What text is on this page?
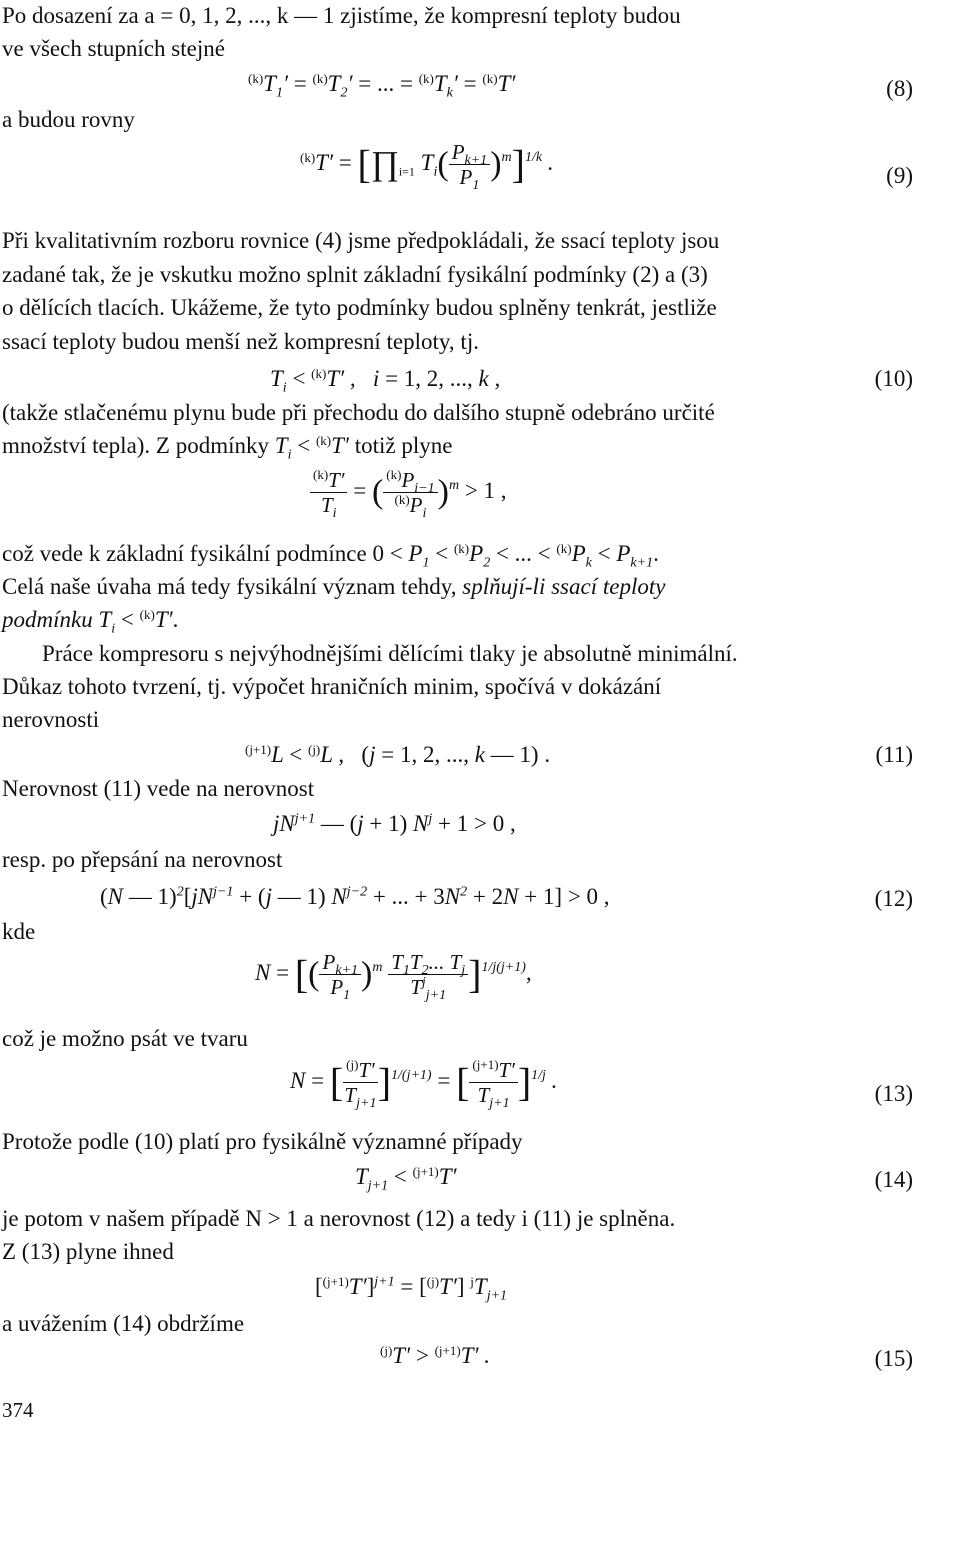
Po dosazení za a = 0, 1, 2, ..., k — 1 zjistíme, že kompresní teploty budou
ve všech stupních stejné
$^{(k)}T_1' = ^{(k)}T_2'$ = ... = $^{(k)}T_k' = ^{(k)}T'$	(8)
a budou rovny
$^{(k)}T' = [\prod_{i=1}$ $T_i( \frac{P_{k+1}}{P_1} )^m]^{1/k}$ .
(9)
Při kvalitativním rozboru rovnice (4) jsme předpokládali, že ssací teploty jsou
zadané tak, že je vskutku možno splnit základní fysikální podmínky (2) a (3)
o dělících tlacích. Ukážeme, že tyto podmínky budou splněny tenkrát, jestliže
ssací teploty budou menší než kompresní teploty, tj.
$T_i < ^{(k)}T'$ ,   i = 1, 2, ..., k ,	(10)
(takže stlačenému plynu bude při přechodu do dalšího stupně odebráno určité
množství tepla). Z podmínky $T_i < ^{(k)}T'$ totiž plyne
$\frac{^{(k)}T'}{T_i}$ = ( $\frac{^{(k)}P_{i-1}}{^{(k)}P_i} )^m > 1$ ,
což vede k základní fysikální podmínce $0 < P_1 < ^{(k)}P_2$ < ... < $^{(k)}P_k < P_{k+1}$.
Celá naše úvaha má tedy fysikální význam tehdy, splňují-li ssací teploty
podmínku $T_i < ^{(k)}T'$.
Práce kompresoru s nejvýhodnějšími dělícími tlaky je absolutně minimální.
Důkaz tohoto tvrzení, tj. výpočet hraničních minim, spočívá v dokázání
nerovnosti
$^{(j+1)}$L < $^{(j)}$L ,   (j = 1, 2, ..., k — 1) .	(11)
Nerovnost (11) vede na nerovnost
$jN^{j+1}$ — (j + 1) $N^j + 1 > 0$ ,
resp. po přepsání na nerovnost
(N — $1)^2[jN^{j-1} + (j$ — 1) $N^{j-2}$ + ... + $3N^2 + 2N + 1] > 0$ ,	(12)
kde
N = [( $\frac{P_{k+1}}{P_1} )^m \frac{T_1T_2... T_j}{T^j_{j+1}} ]^{1/j(j+1)}$,
což je možno psát ve tvaru
N = [ $\frac{^{(j)}T'}{T_{j+1}} ]^{1/(j+1)}$ = [ $\frac{^{(j+1)}T'}{T_{j+1}} ]^{1/j}$ .
(13)
Protože podle (10) platí pro fysikálně významné případy
$T_{j+1} < ^{(j+1)}T'$	(14)
je potom v našem případě N > 1 a nerovnost (12) a tedy i (11) je splněna.
Z (13) plyne ihned
$[^{(j+1)}T']^{j+1} = [^{(j)}T']$ $^jT_{j+1}$
a uvážením (14) obdržíme
$^{(j)}$T′ > $^{(j+1)}$T′ .	(15)
374
